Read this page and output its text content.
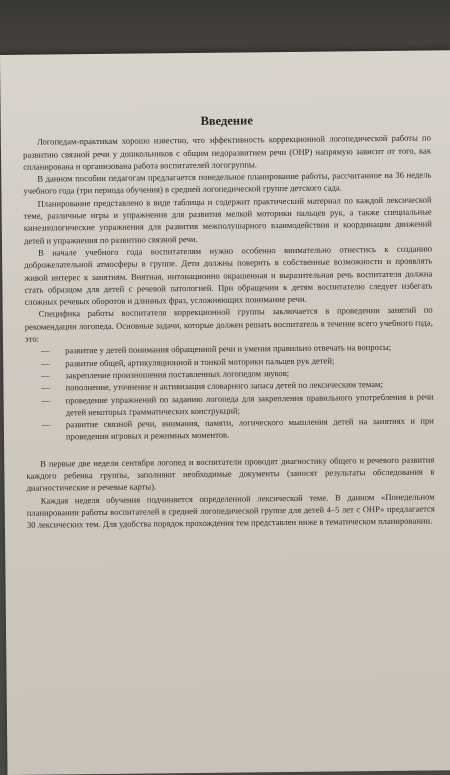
Введение

Логопедам-практикам хорошо известно, что эффективность коррекционной логопедической работы по развитию связной речи у дошкольников с общим недоразвитием речи (ОНР) напрямую зависит от того, как спланирована и организована работа воспитателей логогруппы.

В данном пособии педагогам предлагается понедельное планирование работы, рассчитанное на 36 недель учебного года (три периода обучения) в средней логопедической группе детского сада.

Планирование представлено в виде таблицы и содержит практический материал по каждой лексической теме, различные игры и упражнения для развития мелкой моторики пальцев рук, а также специальные кинезиологические упражнения для развития межполушарного взаимодействия и координации движений детей и упражнения по развитию связной речи.

В начале учебного года воспитателям нужно особенно внимательно отнестись к созданию доброжелательной атмосферы в группе. Дети должны поверить в собственные возможности и проявлять живой интерес к занятиям. Внятная, интонационно окрашенная и выразительная речь воспитателя должна стать образцом для детей с речевой патологией. При обращении к детям воспитателю следует избегать сложных речевых оборотов и длинных фраз, усложняющих понимание речи.

Специфика работы воспитателя коррекционной группы заключается в проведении занятий по рекомендации логопеда. Основные задачи, которые должен решать воспитатель в течение всего учебного года, это:

— развитие у детей понимания обращенной речи и умения правильно отвечать на вопросы;
— развитие общей, артикуляционной и тонкой моторики пальцев рук детей;
— закрепление произношения поставленных логопедом звуков;
— пополнение, уточнение и активизация словарного запаса детей по лексическим темам;
— проведение упражнений по заданию логопеда для закрепления правильного употребления в речи детей некоторых грамматических конструкций;
— развитие связной речи, внимания, памяти, логического мышления детей на занятиях и при проведении игровых и режимных моментов.

В первые две недели сентября логопед и воспитатели проводят диагностику общего и речевого развития каждого ребенка группы, заполняют необходимые документы (заносят результаты обследования в диагностические и речевые карты).

Каждая неделя обучения подчиняется определенной лексической теме. В данном «Понедельном планировании работы воспитателей в средней логопедической группе для детей 4–5 лет с ОНР» предлагается 30 лексических тем. Для удобства порядок прохождения тем представлен ниже в тематическом планировании.
